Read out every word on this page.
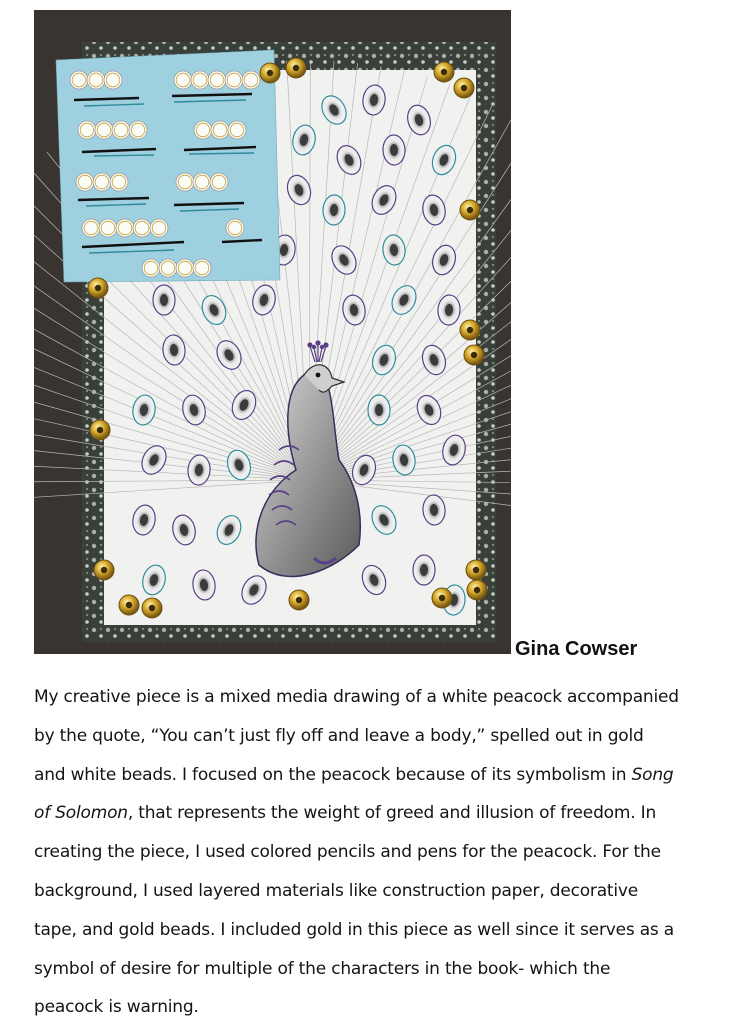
Gina Cowser

My creative piece is a mixed media drawing of a white peacock accompanied

by the quote, “You can’t just fly off and leave a body,” spelled out in gold

and white beads. I focused on the peacock because of its symbolism in Song

of Solomon, that represents the weight of greed and illusion of freedom. In

creating the piece, I used colored pencils and pens for the peacock. For the

background, I used layered materials like construction paper, decorative

tape, and gold beads. I included gold in this piece as well since it serves as a

symbol of desire for multiple of the characters in the book- which the

peacock is warning.
